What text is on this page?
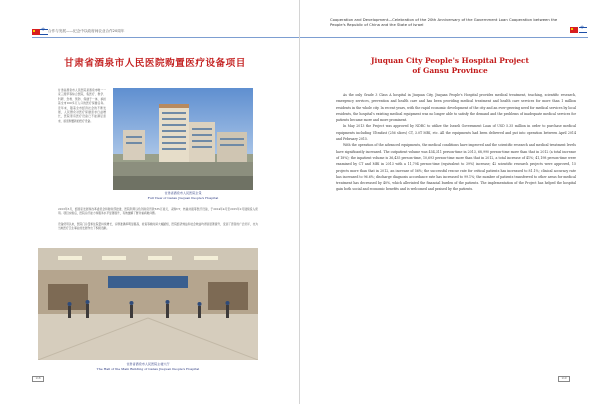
✡
合作与发展——纪念中以政府间农业合作20周年
甘肃省酒泉市人民医院购置医疗设备项目

甘肃省酒泉市人民医院是酒泉市唯一一家三级甲等综合医院，集医疗、教学、科研、急救、预防、保健于一体，承担着全市100多万人口的医疗保健任务。近年来，随着全市经济社会的不断发展，人民群众对医疗保健需求日益增长，医院原有医疗设备已不能满足需求，亟需购置新的医疗设备。

甘肃省酒泉市人民医院全景
Full View of Gansu Jiuquan People's Hospital

2013年5月，经国家发展和改革委员会和财政部批准，医院利用以色列政府贷款535万美元，采购CT、核磁共振等医疗设备，于2014年4月至2015年2月陆续投入使用。项目实施后，医院诊疗能力和服务水平显著提升，有效缓解了群众看病难问题。

设备使用以来，医院门诊量和住院量持续增长，诊断准确率明显提高，检查等候时间大幅缩短，医院经济效益和社会效益均得到显著提升，受到了患者的广泛好评，也为当地医疗卫生事业的发展作出了积极贡献。

甘肃省酒泉市人民医院主楼大厅
The Hall of the Main Building of Gansu Jiuquan People's Hospital
118
Cooperation and Development—Celebration of the 20th Anniversary of the Government Loan Cooperation between the People's Republic of China and the State of Israel
✡
Jiuquan City People's Hospital Project
of Gansu Province

As the only Grade 3 Class A hospital in Jiuquan City, Jiuquan People's Hospital provides medical treatment, teaching, scientific research, emergency services, prevention and health care and has been providing medical treatment and health care services for more than 1 million residents in the whole city. In recent years, with the rapid economic development of the city and an ever-growing need for medical services by local residents, the hospital's existing medical equipment was no longer able to satisfy the demand and the problems of inadequate medical services for patients became more and more prominent.

In May 2013 the Project was approved by NDRC to utilize the Israeli Government Loan of USD 5.35 million in order to purchase medical equipments including Ultrafast (256 slices) CT, 3.0T MRI, etc. All the equipments had been delivered and put into operation between April 2014 and February 2015.

With the operation of the advanced equipments, the medical conditions have improved and the scientific research and medical treatment levels have significantly increased. The outpatient volume was 454,311 person-time in 2013, 68,990 person-time more than that in 2012 (a total increase of 18%); the inpatient volume is 36,435 person-time, 10,693 person-time more than that in 2012, a total increase of 41%; 41,198 person-time were examined by CT and MRI in 2013 with a 11,794 person-time (equivalent to 39%) increase; 42 scientific research projects were approved, 15 projects more than that in 2012, an increase of 56%; the successful rescue rate for critical patients has increased to 81.1%; clinical accuracy rate has increased to 96.6%; discharge diagnosis accordance rate has increased to 99.1%; the number of patients transferred to other areas for medical treatment has decreased by 40%, which alleviated the financial burden of the patients. The implementation of the Project has helped the hospital gain both social and economic benefits and is welcomed and praised by the patients.

119
